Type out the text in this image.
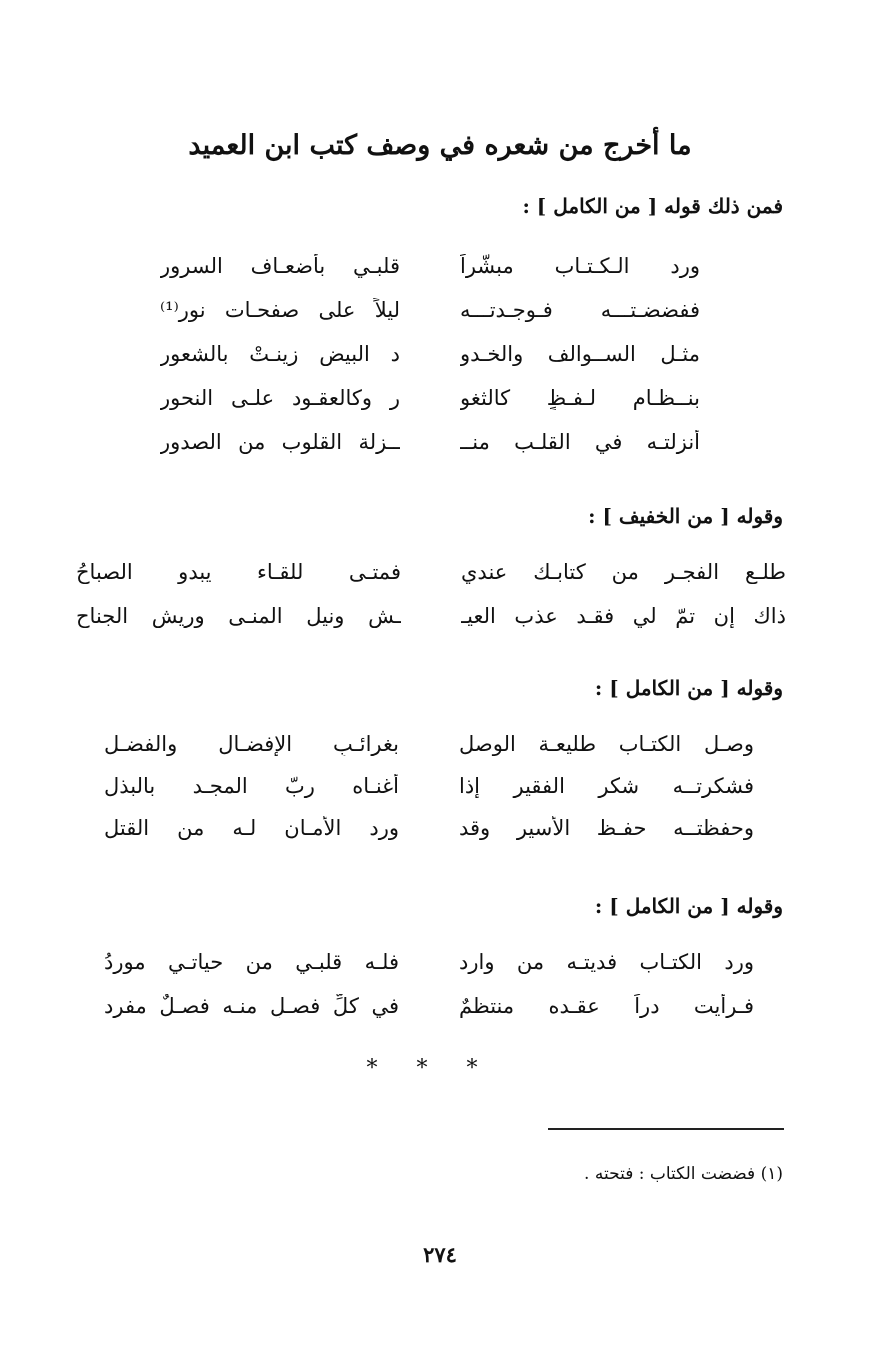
ما أخرج من شعره في وصف كتب ابن العميد
فمن ذلك قوله [ من الكامل ] :
ورد الـكـتـاب مبشّراً
قلبـي بأضعـاف السرورِ
ففضضـتـــه فـوجـدتـــه
ليلاً على صفحـات نور⁽¹⁾
مثـل الســوالف والخـدو
د البيضِ زينـتْ بالشعور
بنــظـام لـفـظٍ كالثغو
ر وكالعقـود علـى النحور
أنزلتـه في القلـب منــ
ــزلة القلوب من الصدور
وقوله [ من الخفيف ] :
طلـع الفجـر من كتابـك عندي
فمتـى للقـاء يبدو الصباحُ
ذاك إن تمّ لي فقـد عذب العيـ
ـش ونيل المنـى وريش الجناح
وقوله [ من الكامل ] :
وصـل الكتـاب طليعـة الوصل
بغرائـبِ الإفضـال والفضـلِ
فشكرتــه شكر الفقير إذا
أغنـاه ربّ المجـد بالبذل
وحفظتــه حفـظ الأسير وقد
ورد الأمـان لـه من القتل
وقوله [ من الكامل ] :
ورد الكتـاب فديتـه من وارد
فلـه قلبـي من حياتـي موردُ
فـرأيت دراً عقـده منتظمٌ
في كلِّ فصـلٍ منـه فصـلٌ مفرد
* * *
(١) فضضت الكتاب : فتحته .
٢٧٤
